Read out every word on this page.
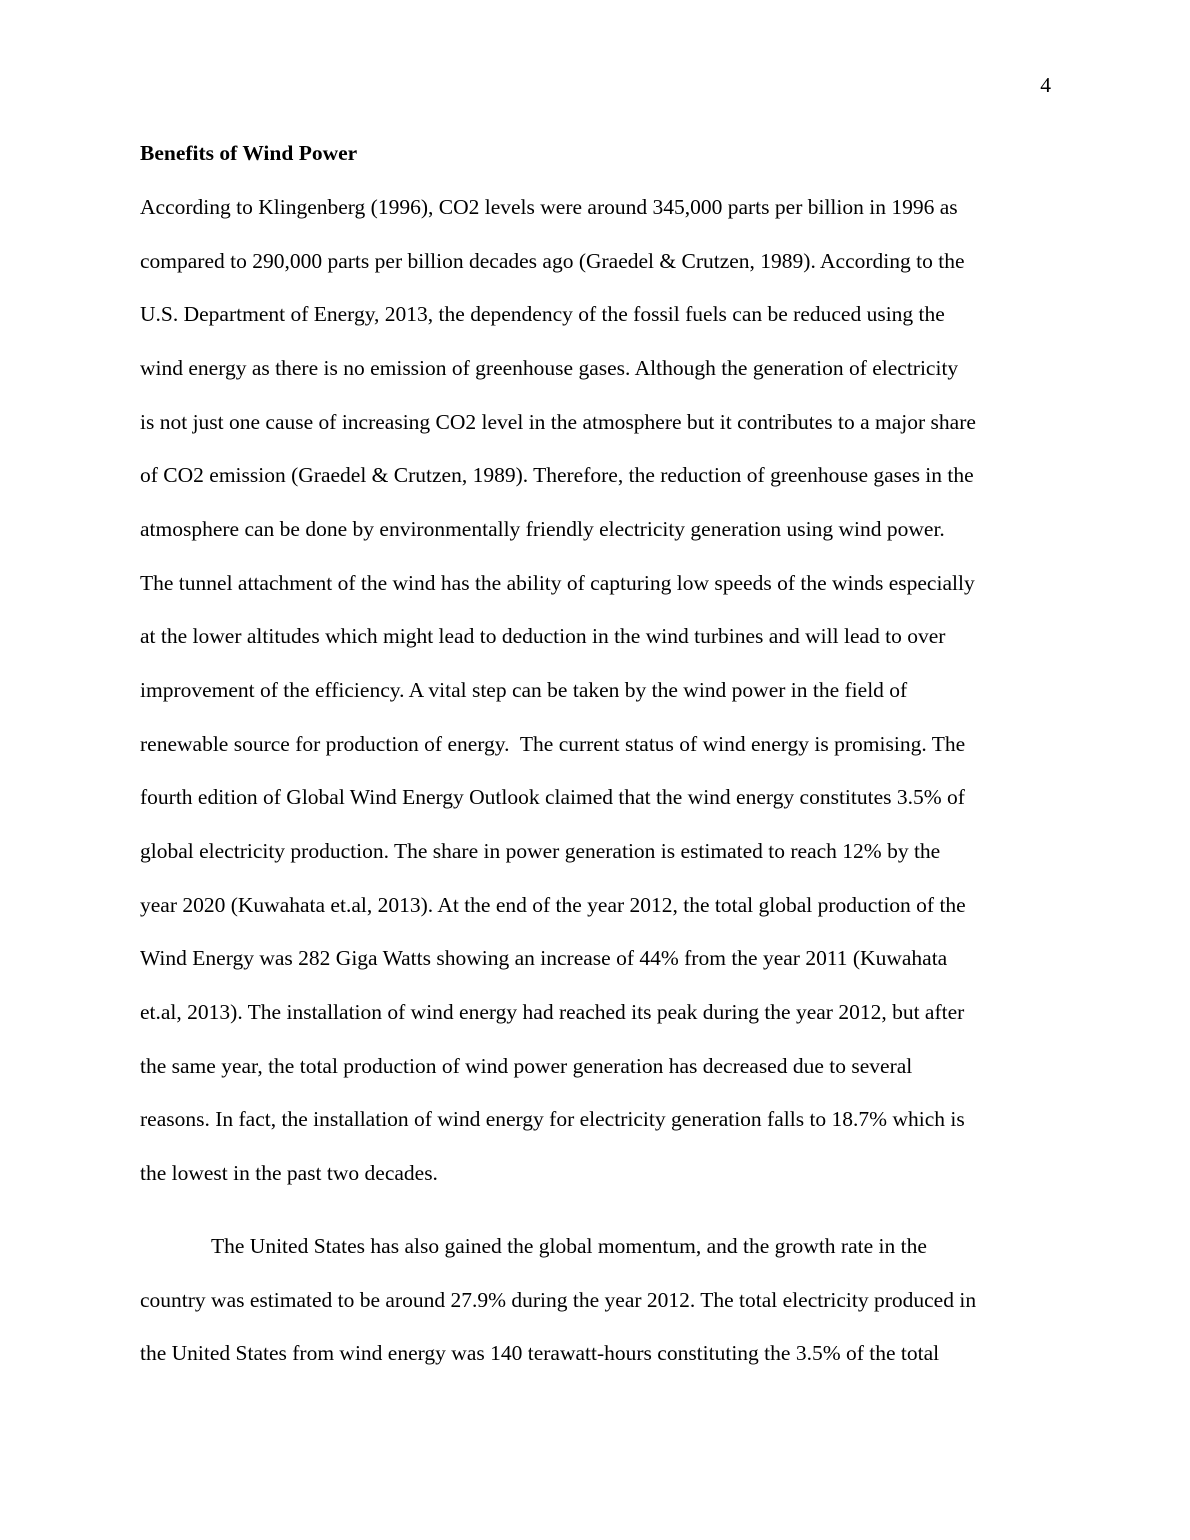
4
Benefits of Wind Power
According to Klingenberg (1996), CO2 levels were around 345,000 parts per billion in 1996 as
compared to 290,000 parts per billion decades ago (Graedel & Crutzen, 1989). According to the
U.S. Department of Energy, 2013, the dependency of the fossil fuels can be reduced using the
wind energy as there is no emission of greenhouse gases. Although the generation of electricity
is not just one cause of increasing CO2 level in the atmosphere but it contributes to a major share
of CO2 emission (Graedel & Crutzen, 1989). Therefore, the reduction of greenhouse gases in the
atmosphere can be done by environmentally friendly electricity generation using wind power.
The tunnel attachment of the wind has the ability of capturing low speeds of the winds especially
at the lower altitudes which might lead to deduction in the wind turbines and will lead to over
improvement of the efficiency. A vital step can be taken by the wind power in the field of
renewable source for production of energy.  The current status of wind energy is promising. The
fourth edition of Global Wind Energy Outlook claimed that the wind energy constitutes 3.5% of
global electricity production. The share in power generation is estimated to reach 12% by the
year 2020 (Kuwahata et.al, 2013). At the end of the year 2012, the total global production of the
Wind Energy was 282 Giga Watts showing an increase of 44% from the year 2011 (Kuwahata
et.al, 2013). The installation of wind energy had reached its peak during the year 2012, but after
the same year, the total production of wind power generation has decreased due to several
reasons. In fact, the installation of wind energy for electricity generation falls to 18.7% which is
the lowest in the past two decades.
The United States has also gained the global momentum, and the growth rate in the
country was estimated to be around 27.9% during the year 2012. The total electricity produced in
the United States from wind energy was 140 terawatt-hours constituting the 3.5% of the total
